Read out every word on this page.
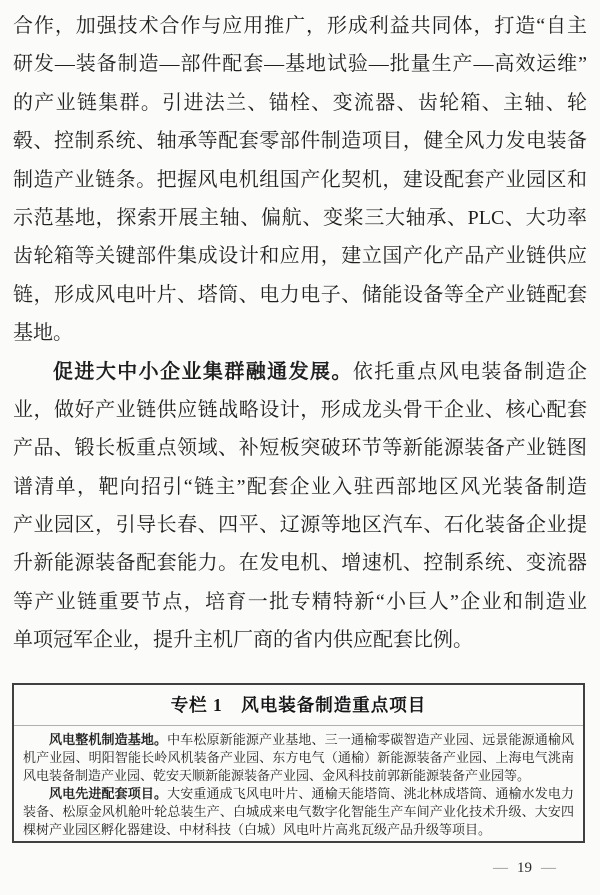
合作，加强技术合作与应用推广，形成利益共同体，打造“自主
研发—装备制造—部件配套—基地试验—批量生产—高效运维”
的产业链集群。引进法兰、锚栓、变流器、齿轮箱、主轴、轮
毂、控制系统、轴承等配套零部件制造项目，健全风力发电装备
制造产业链条。把握风电机组国产化契机，建设配套产业园区和
示范基地，探索开展主轴、偏航、变桨三大轴承、PLC、大功率
齿轮箱等关键部件集成设计和应用，建立国产化产品产业链供应
链，形成风电叶片、塔筒、电力电子、储能设备等全产业链配套
基地。
促进大中小企业集群融通发展。依托重点风电装备制造企
业，做好产业链供应链战略设计，形成龙头骨干企业、核心配套
产品、锻长板重点领域、补短板突破环节等新能源装备产业链图
谱清单，靶向招引“链主”配套企业入驻西部地区风光装备制造
产业园区，引导长春、四平、辽源等地区汽车、石化装备企业提
升新能源装备配套能力。在发电机、增速机、控制系统、变流器
等产业链重要节点，培育一批专精特新“小巨人”企业和制造业
单项冠军企业，提升主机厂商的省内供应配套比例。
专栏 1　风电装备制造重点项目

风电整机制造基地。中车松原新能源产业基地、三一通榆零碳智造产业园、远景能源通榆风机产业园、明阳智能长岭风机装备产业园、东方电气（通榆）新能源装备产业园、上海电气洮南风电装备制造产业园、乾安天顺新能源装备产业园、金风科技前郭新能源装备产业园等。

风电先进配套项目。大安重通成飞风电叶片、通榆天能塔筒、洮北林成塔筒、通榆水发电力装备、松原金风机舱叶轮总装生产、白城成来电气数字化智能生产车间产业化技术升级、大安四棵树产业园区孵化器建设、中材科技（白城）风电叶片高兆瓦级产品升级等项目。

— 19 —
